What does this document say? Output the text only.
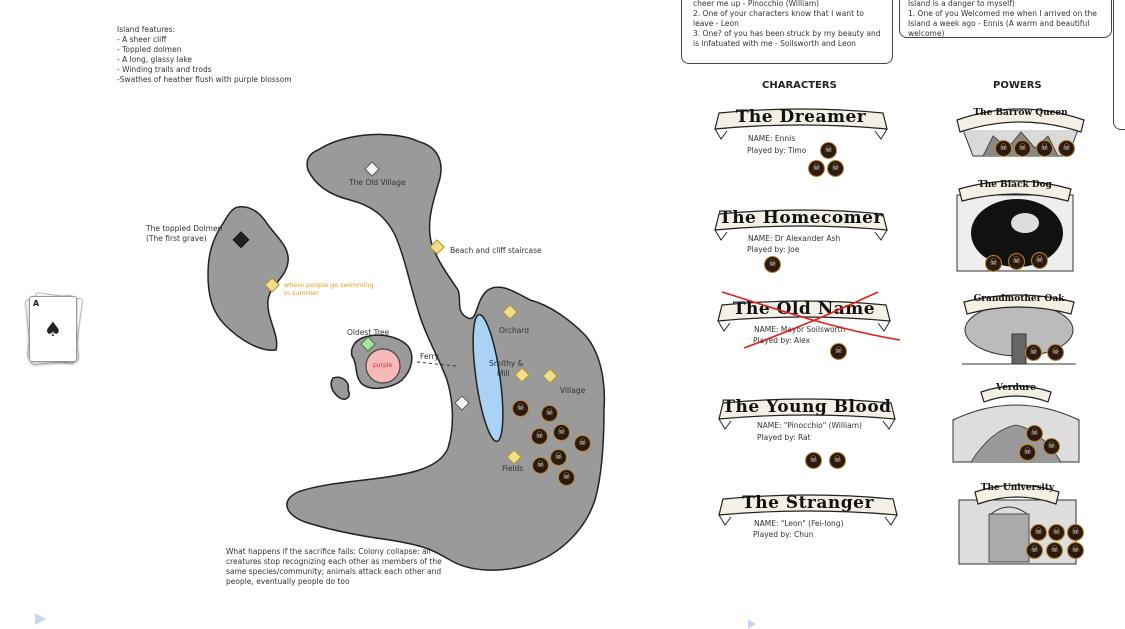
Island features:
- A sheer cliff
- Toppled dolmen
- A long, glassy lake
- Winding trails and trods
-Swathes of heather flush with purple blossom
cheer me up - Pinocchio (William)
2. One of your characters know that I want to
leave - Leon
3. One? of you has been struck by my beauty and
is infatuated with me - Soilsworth and Leon
Island is a danger to myself)
1. One of you Welcomed me when I arrived on the
Island a week ago - Ennis (A warm and beautiful
welcome)
A
♠
The Old Village
The toppled Dolmen
(The first grave)
Beach and cliff staircase
where people go swimming
in summer
Oldest Tree
purple
Ferry
Orchard
Smithy &
Mill
Village
Fields
☠	☠
☠	☠
☠
☠
☠
☠
What happens if the sacrifice fails: Colony collapse: all
creatures stop recognizing each other as members of the
same species/community; animals attack each other and
people, eventually people do too
CHARACTERS
The Dreamer
NAME: Ennis
Played by: Timo	☠
☠	☠
The Homecomer
NAME: Dr Alexander Ash
Played by: Joe
☠
The Old Name
NAME: Mayor Soilsworth
Played by: Alex
☠
The Young Blood
NAME: "Pinocchio" (William)
Played by: Rat
☠	☠
The Stranger
NAME: "Leon" (Fei-long)
Played by: Chun
POWERS
The Barrow Queen
☠	☠	☠	☠
The Black Dog
☠	☠	☠
Grandmother Oak
☠	☠
Verdure
☠
☠
☠
The University
☠	☠	☠
☠	☠	☠
